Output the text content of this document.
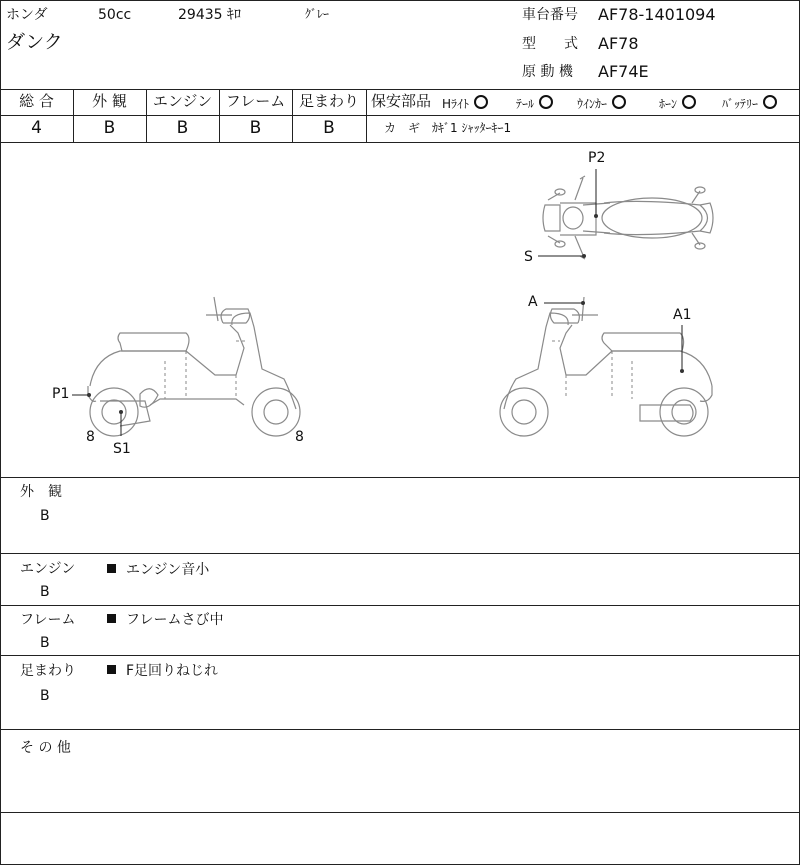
ホンダ	50cc	29435 ｷﾛ	ｸﾞﾚｰ
ダンク
車台番号 AF78-1401094
型　　式 AF78
原 動 機 AF74E
総 合	外 観	エンジン フレーム 足まわり
4	B	B	B	B
保安部品 Hﾗｲﾄ	ﾃｰﾙ	ｳｲﾝｶｰ	ﾎｰﾝ	ﾊﾞｯﾃﾘｰ
カ　ギ ｶｷﾞ1 ｼｬｯﾀｰｷｰ1
P2
S
A
A1
P1
S1
8	8
外　観
B
エンジン
B
エンジン音小
フレーム
B
フレームさび中
足まわり
B
F足回りねじれ
そ の 他
